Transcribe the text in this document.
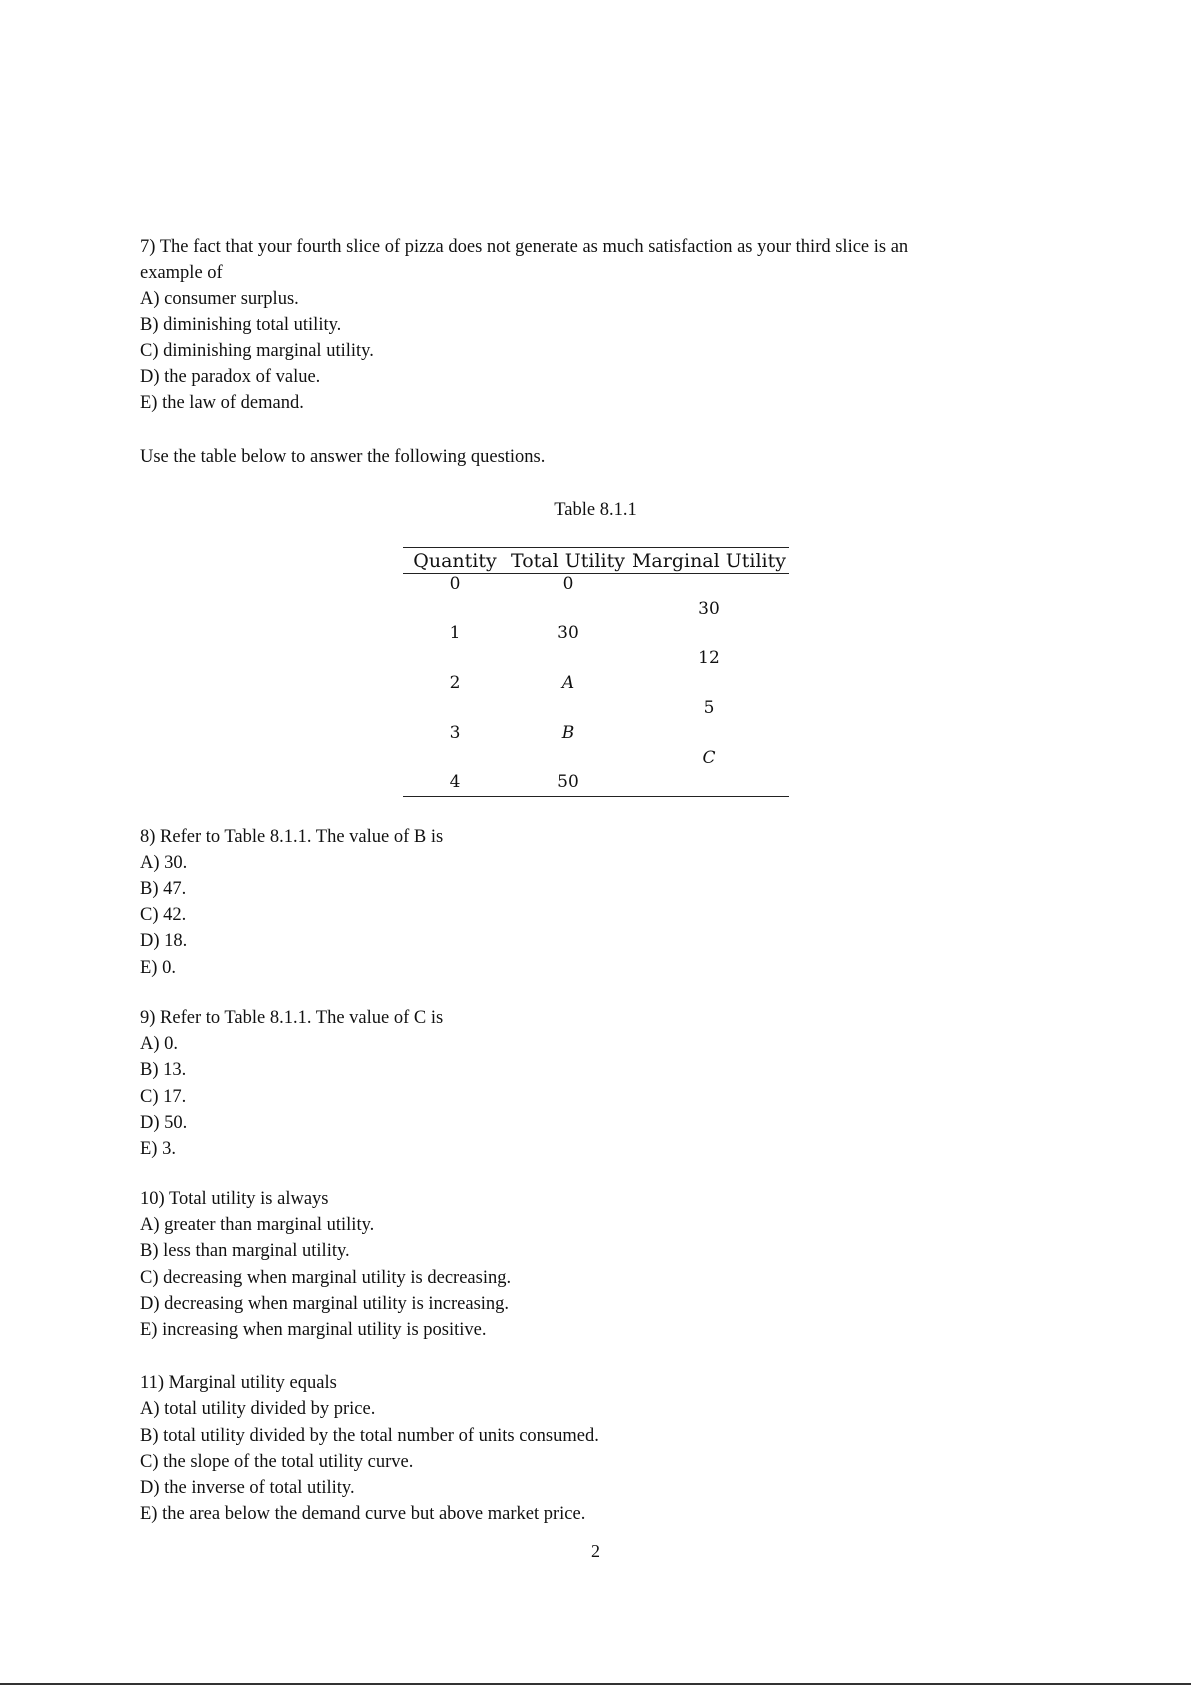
7) The fact that your fourth slice of pizza does not generate as much satisfaction as your third slice is an
example of
A) consumer surplus.
B) diminishing total utility.
C) diminishing marginal utility.
D) the paradox of value.
E) the law of demand.
Use the table below to answer the following questions.
Table 8.1.1
Quantity Total Utility Marginal Utility
0
1
2
3
4
0
30
A
B
50
30
12
5
C
8) Refer to Table 8.1.1. The value of B is
A) 30.
B) 47.
C) 42.
D) 18.
E) 0.
9) Refer to Table 8.1.1. The value of C is
A) 0.
B) 13.
C) 17.
D) 50.
E) 3.
10) Total utility is always
A) greater than marginal utility.
B) less than marginal utility.
C) decreasing when marginal utility is decreasing.
D) decreasing when marginal utility is increasing.
E) increasing when marginal utility is positive.
11) Marginal utility equals
A) total utility divided by price.
B) total utility divided by the total number of units consumed.
C) the slope of the total utility curve.
D) the inverse of total utility.
E) the area below the demand curve but above market price.
2
